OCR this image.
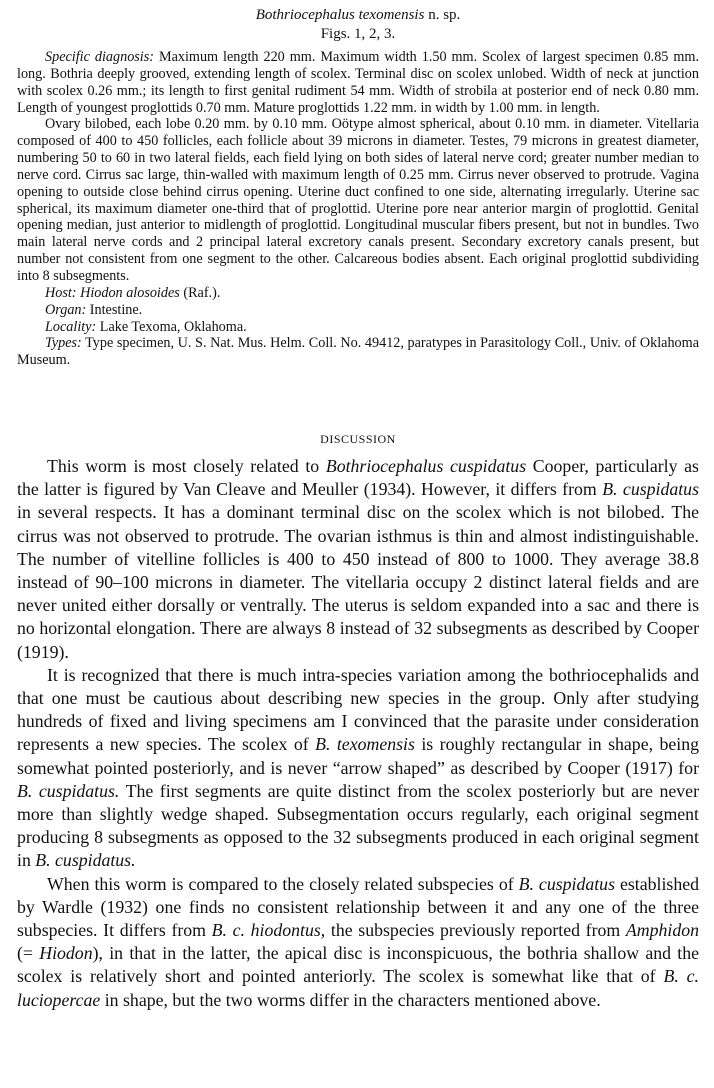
Bothriocephalus texomensis n. sp.
Figs. 1, 2, 3.

Specific diagnosis: Maximum length 220 mm. Maximum width 1.50 mm. Scolex of largest specimen 0.85 mm. long. Bothria deeply grooved, extending length of scolex. Terminal disc on scolex unlobed. Width of neck at junction with scolex 0.26 mm.; its length to first genital rudiment 54 mm. Width of strobila at posterior end of neck 0.80 mm. Length of youngest proglottids 0.70 mm. Mature proglottids 1.22 mm. in width by 1.00 mm. in length.

Ovary bilobed, each lobe 0.20 mm. by 0.10 mm. Oötype almost spherical, about 0.10 mm. in diameter. Vitellaria composed of 400 to 450 follicles, each follicle about 39 microns in diameter. Testes, 79 microns in greatest diameter, numbering 50 to 60 in two lateral fields, each field lying on both sides of lateral nerve cord; greater number median to nerve cord. Cirrus sac large, thin-walled with maximum length of 0.25 mm. Cirrus never observed to protrude. Vagina opening to outside close behind cirrus opening. Uterine duct confined to one side, alternating irregularly. Uterine sac spherical, its maximum diameter one-third that of proglottid. Uterine pore near anterior margin of proglottid. Genital opening median, just anterior to midlength of proglottid. Longitudinal muscular fibers present, but not in bundles. Two main lateral nerve cords and 2 principal lateral excretory canals present. Secondary excretory canals present, but number not consistent from one segment to the other. Calcareous bodies absent. Each original proglottid subdividing into 8 subsegments.

Host: Hiodon alosoides (Raf.).

Organ: Intestine.

Locality: Lake Texoma, Oklahoma.

Types: Type specimen, U. S. Nat. Mus. Helm. Coll. No. 49412, paratypes in Parasitology Coll., Univ. of Oklahoma Museum.

DISCUSSION

This worm is most closely related to Bothriocephalus cuspidatus Cooper, particularly as the latter is figured by Van Cleave and Meuller (1934). However, it differs from B. cuspidatus in several respects. It has a dominant terminal disc on the scolex which is not bilobed. The cirrus was not observed to protrude. The ovarian isthmus is thin and almost indistinguishable. The number of vitelline follicles is 400 to 450 instead of 800 to 1000. They average 38.8 instead of 90–100 microns in diameter. The vitellaria occupy 2 distinct lateral fields and are never united either dorsally or ventrally. The uterus is seldom expanded into a sac and there is no horizontal elongation. There are always 8 instead of 32 subsegments as described by Cooper (1919).

It is recognized that there is much intra-species variation among the bothriocephalids and that one must be cautious about describing new species in the group. Only after studying hundreds of fixed and living specimens am I convinced that the parasite under consideration represents a new species. The scolex of B. texomensis is roughly rectangular in shape, being somewhat pointed posteriorly, and is never “arrow shaped” as described by Cooper (1917) for B. cuspidatus. The first segments are quite distinct from the scolex posteriorly but are never more than slightly wedge shaped. Subsegmentation occurs regularly, each original segment producing 8 subsegments as opposed to the 32 subsegments produced in each original segment in B. cuspidatus.

When this worm is compared to the closely related subspecies of B. cuspidatus established by Wardle (1932) one finds no consistent relationship between it and any one of the three subspecies. It differs from B. c. hiodontus, the subspecies previously reported from Amphidon (= Hiodon), in that in the latter, the apical disc is inconspicuous, the bothria shallow and the scolex is relatively short and pointed anteriorly. The scolex is somewhat like that of B. c. luciopercae in shape, but the two worms differ in the characters mentioned above.
